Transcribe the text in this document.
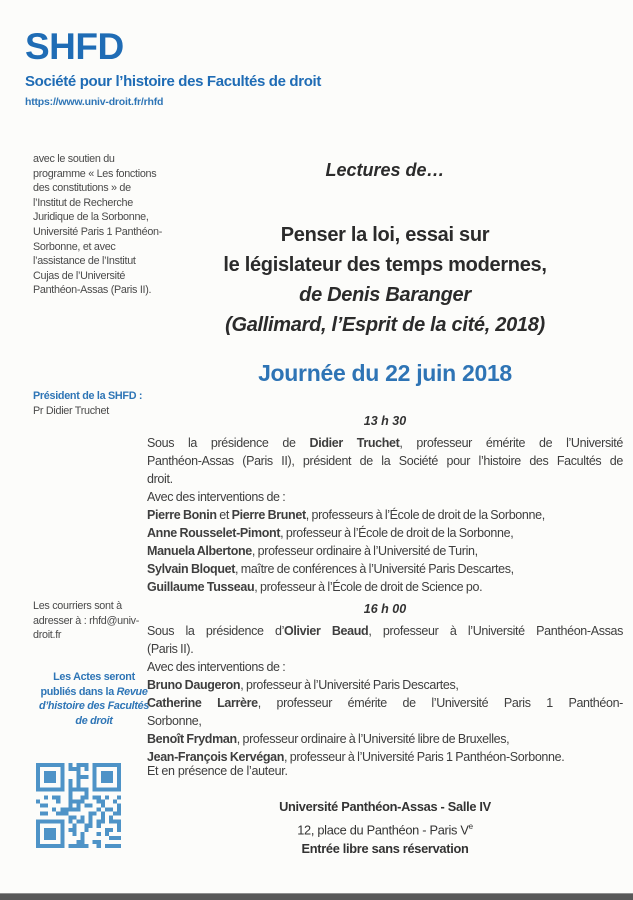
SHFD
Société pour l’histoire des Facultés de droit
https://www.univ-droit.fr/rhfd
avec le soutien du programme « Les fonctions des constitutions » de l’Institut de Recherche Juridique de la Sorbonne, Université Paris 1 Panthéon-Sorbonne, et avec l’assistance de l’Institut Cujas de l’Université Panthéon-Assas (Paris II).
Président de la SHFD :
Pr Didier Truchet
Les courriers sont à adresser à : rhfd@univ-droit.fr
Les Actes seront publiés dans la Revue d’histoire des Facultés de droit
Lectures de…
Penser la loi, essai sur
le législateur des temps modernes,
de Denis Baranger
(Gallimard, l’Esprit de la cité, 2018)
Journée du 22 juin 2018
13 h 30
Sous la présidence de Didier Truchet, professeur émérite de l’Université
Panthéon-Assas (Paris II), président de la Société pour l’histoire des Facultés de
droit.
Avec des interventions de :
Pierre Bonin et Pierre Brunet, professeurs à l’École de droit de la Sorbonne,
Anne Rousselet-Pimont, professeur à l’École de droit de la Sorbonne,
Manuela Albertone, professeur ordinaire à l’Université de Turin,
Sylvain Bloquet, maître de conférences à l’Université Paris Descartes,
Guillaume Tusseau, professeur à l’École de droit de Science po.
16 h 00
Sous la présidence d’Olivier Beaud, professeur à l’Université Panthéon-Assas
(Paris II).
Avec des interventions de :
Bruno Daugeron, professeur à l’Université Paris Descartes,
Catherine Larrère, professeur émérite de l’Université Paris 1 Panthéon-
Sorbonne,
Benoît Frydman, professeur ordinaire à l’Université libre de Bruxelles,
Jean-François Kervégan, professeur à l’Université Paris 1 Panthéon-Sorbonne.

Et en présence de l’auteur.

Université Panthéon-Assas - Salle IV
12, place du Panthéon - Paris Ve
Entrée libre sans réservation
